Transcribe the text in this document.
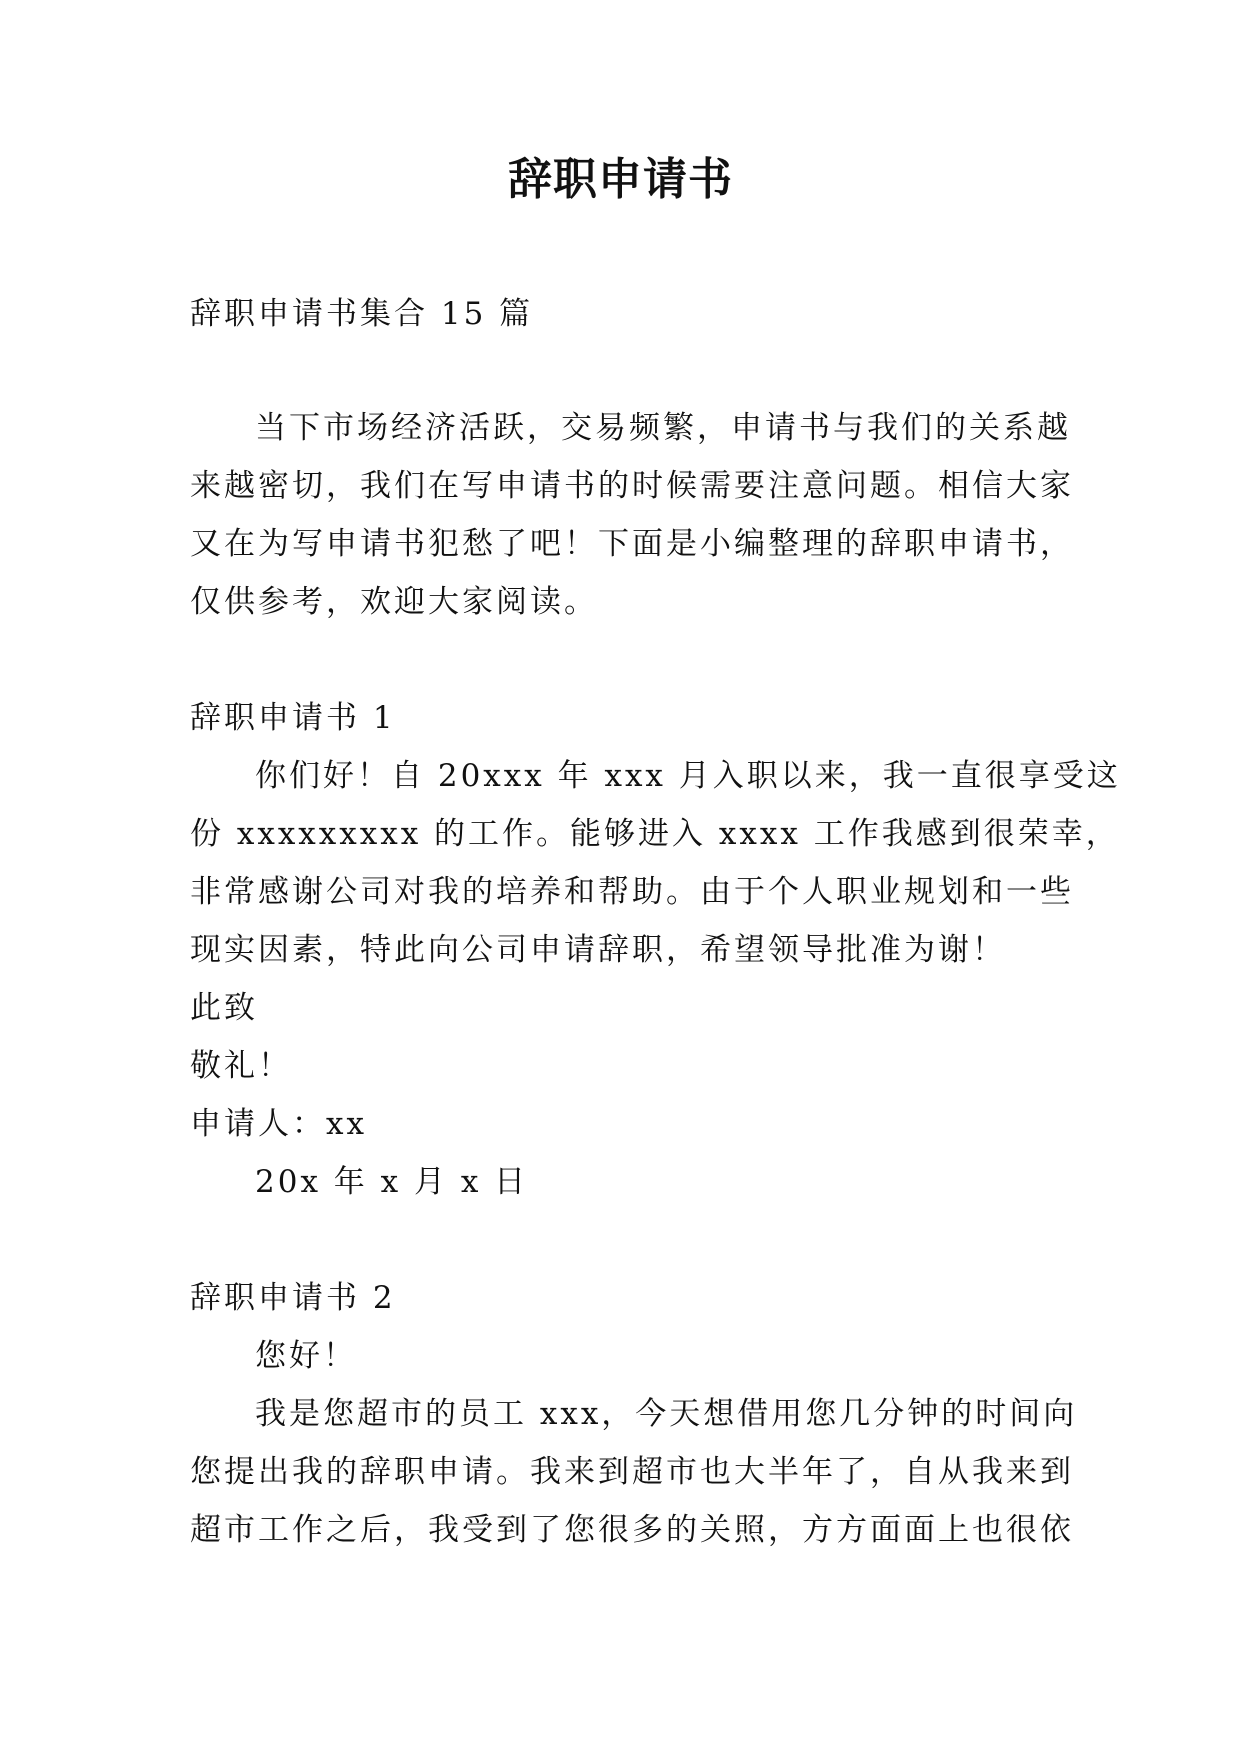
辞职申请书
辞职申请书集合 15 篇
当下市场经济活跃，交易频繁，申请书与我们的关系越
来越密切，我们在写申请书的时候需要注意问题。相信大家
又在为写申请书犯愁了吧！下面是小编整理的辞职申请书，
仅供参考，欢迎大家阅读。
辞职申请书 1
你们好！自 20xxx 年 xxx 月入职以来，我一直很享受这
份 xxxxxxxxx 的工作。能够进入 xxxx 工作我感到很荣幸，
非常感谢公司对我的培养和帮助。由于个人职业规划和一些
现实因素，特此向公司申请辞职，希望领导批准为谢！
此致
敬礼！
申请人：xx
20x 年 x 月 x 日
辞职申请书 2
您好！
我是您超市的员工 xxx，今天想借用您几分钟的时间向
您提出我的辞职申请。我来到超市也大半年了，自从我来到
超市工作之后，我受到了您很多的关照，方方面面上也很依
